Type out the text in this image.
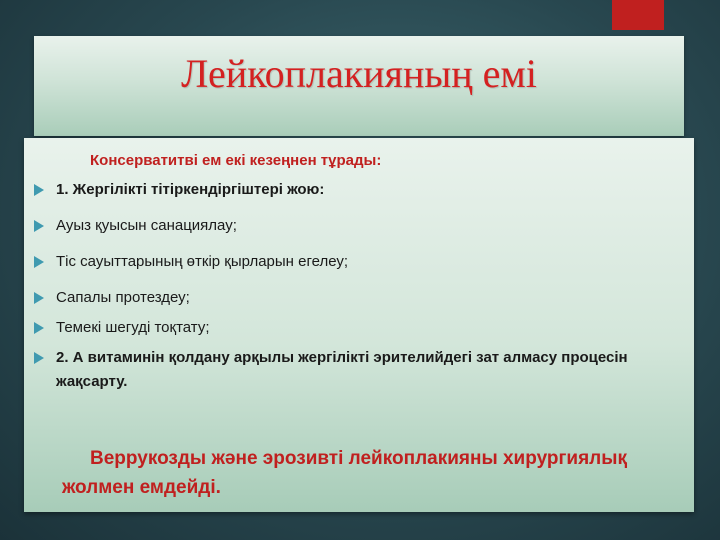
Лейкоплакияның емі
Консерватитві ем екі кезеңнен тұрады:
1. Жергілікті тітіркендіргіштері жою:
Ауыз қуысын санациялау;
Тіс сауыттарының өткір қырларын егелеу;
Сапалы протездеу;
Темекі шегуді тоқтату;
2. А витаминін қолдану арқылы жергілікті эрителийдегі зат алмасу процесін жақсарту.
Веррукозды және эрозивті лейкоплакияны хирургиялық жолмен емдейді.
